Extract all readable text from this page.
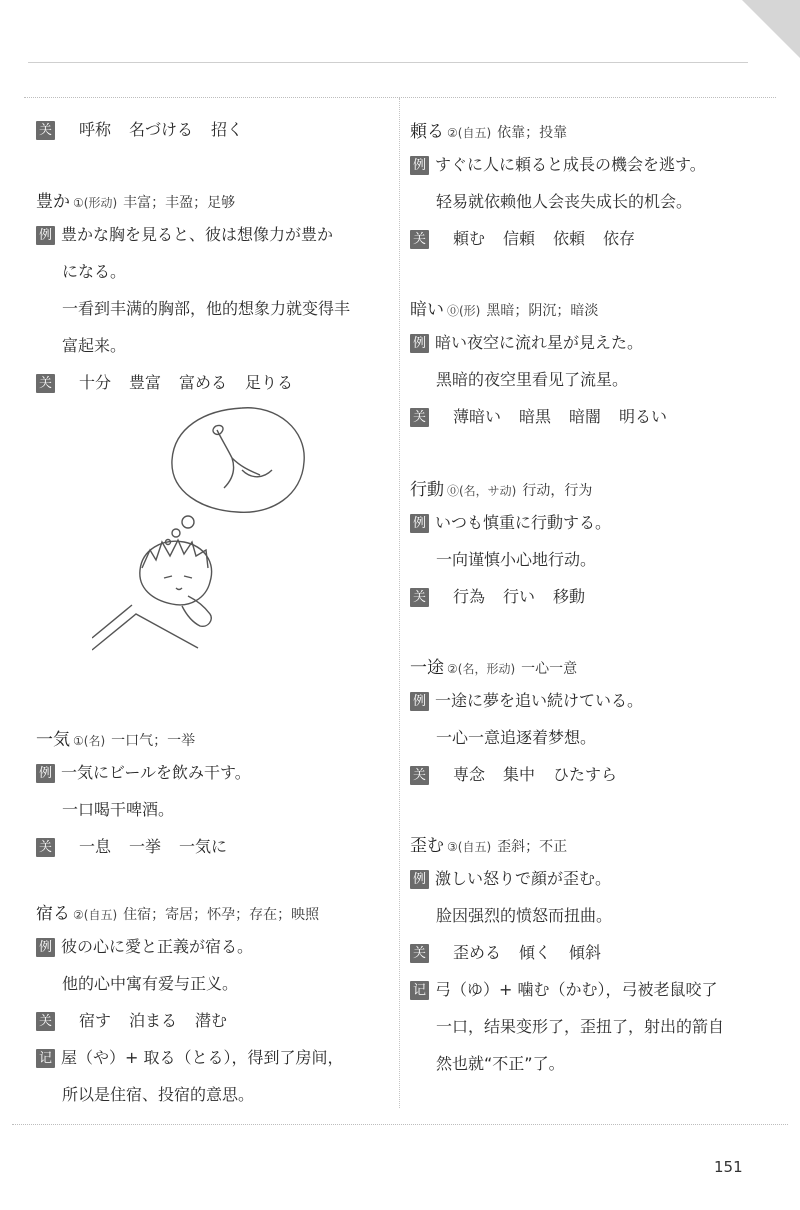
关 呼称 名づける 招く
豊か ①(形动) 丰富；丰盈；足够
例 豊かな胸を見ると、彼は想像力が豊か
になる。
一看到丰满的胸部，他的想象力就变得丰
富起来。
关 十分 豊富 富める 足りる
一気 ①(名) 一口气；一举
例 一気にビールを飲み干す。
一口喝干啤酒。
关 一息 一挙 一気に
宿る ②(自五) 住宿；寄居；怀孕；存在；映照
例 彼の心に愛と正義が宿る。
他的心中寓有爱与正义。
关 宿す 泊まる 潜む
记 屋（や）+ 取る（とる），得到了房间，
所以是住宿、投宿的意思。
頼る ②(自五) 依靠；投靠
例 すぐに人に頼ると成長の機会を逃す。
轻易就依赖他人会丧失成长的机会。
关 頼む 信頼 依頼 依存
暗い ⓪(形) 黑暗；阴沉；暗淡
例 暗い夜空に流れ星が見えた。
黑暗的夜空里看见了流星。
关 薄暗い 暗黒 暗闇 明るい
行動 ⓪(名，サ动) 行动，行为
例 いつも慎重に行動する。
一向谨慎小心地行动。
关 行為 行い 移動
一途 ②(名，形动) 一心一意
例 一途に夢を追い続けている。
一心一意追逐着梦想。
关 専念 集中 ひたすら
歪む ③(自五) 歪斜；不正
例 激しい怒りで顔が歪む。
脸因强烈的愤怒而扭曲。
关 歪める 傾く 傾斜
记 弓（ゆ）+ 噛む（かむ），弓被老鼠咬了
一口，结果变形了，歪扭了，射出的箭自
然也就“不正”了。
151
